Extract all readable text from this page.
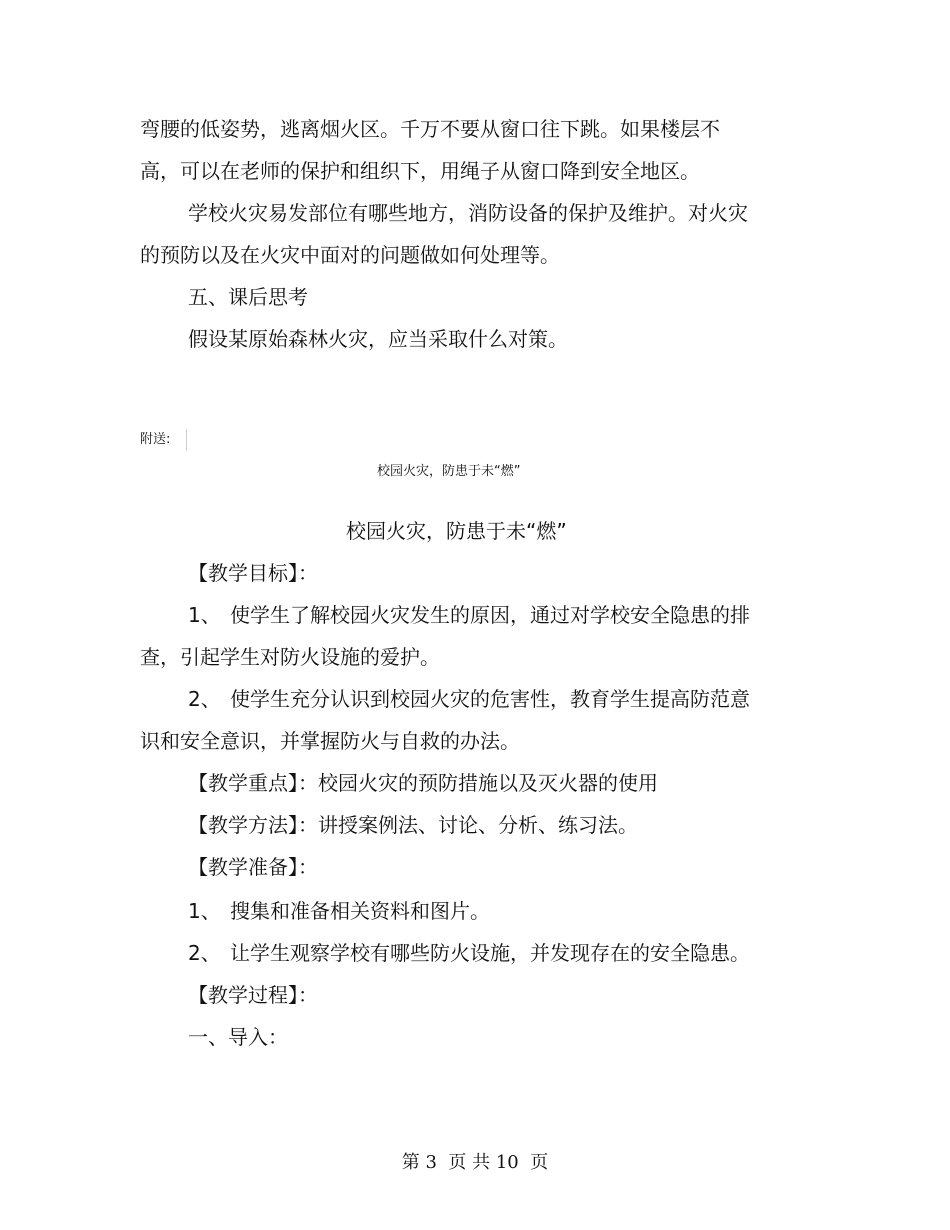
弯腰的低姿势，逃离烟火区。千万不要从窗口往下跳。如果楼层不
高，可以在老师的保护和组织下，用绳子从窗口降到安全地区。
学校火灾易发部位有哪些地方，消防设备的保护及维护。对火灾
的预防以及在火灾中面对的问题做如何处理等。
五、课后思考
假设某原始森林火灾，应当采取什么对策。
附送:
校园火灾，防患于未“燃”
校园火灾，防患于未“燃”
【教学目标】：
1、 使学生了解校园火灾发生的原因，通过对学校安全隐患的排
查，引起学生对防火设施的爱护。
2、 使学生充分认识到校园火灾的危害性，教育学生提高防范意
识和安全意识，并掌握防火与自救的办法。
【教学重点】：校园火灾的预防措施以及灭火器的使用
【教学方法】：讲授案例法、讨论、分析、练习法。
【教学准备】：
1、 搜集和准备相关资料和图片。
2、 让学生观察学校有哪些防火设施，并发现存在的安全隐患。
【教学过程】：
一、导入：
第 3  页 共 10  页
